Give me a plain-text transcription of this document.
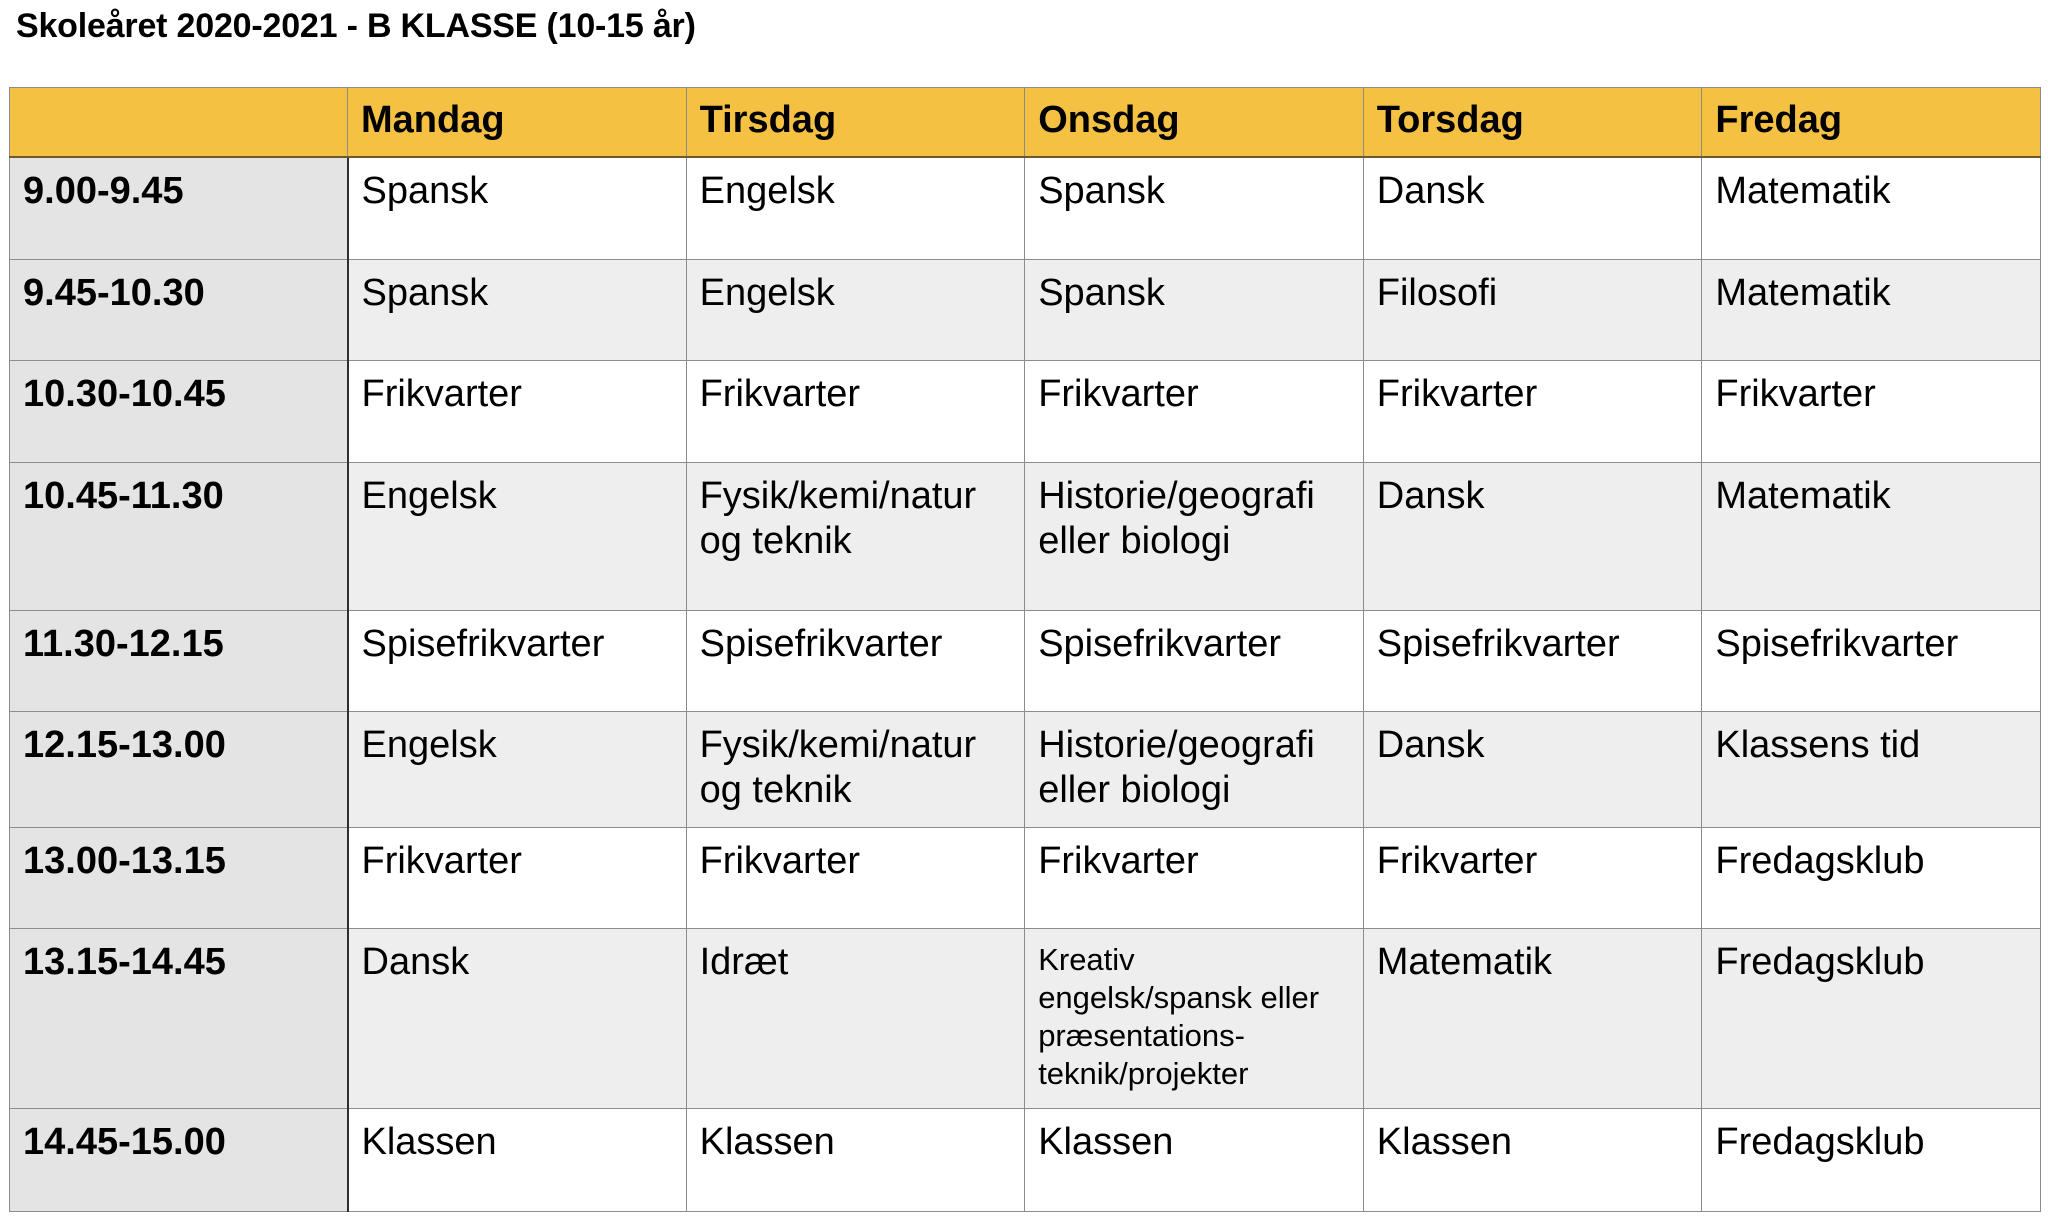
Skoleåret 2020-2021 - B KLASSE (10-15 år)
	Mandag	Tirsdag	Onsdag	Torsdag	Fredag
9.00-9.45	Spansk	Engelsk	Spansk	Dansk	Matematik
9.45-10.30	Spansk	Engelsk	Spansk	Filosofi	Matematik
10.30-10.45	Frikvarter	Frikvarter	Frikvarter	Frikvarter	Frikvarter
10.45-11.30	Engelsk	Fysik/kemi/natur og teknik	Historie/geografi eller biologi	Dansk	Matematik
11.30-12.15	Spisefrikvarter	Spisefrikvarter	Spisefrikvarter	Spisefrikvarter	Spisefrikvarter
12.15-13.00	Engelsk	Fysik/kemi/natur og teknik	Historie/geografi eller biologi	Dansk	Klassens tid
13.00-13.15	Frikvarter	Frikvarter	Frikvarter	Frikvarter	Fredagsklub
13.15-14.45	Dansk	Idræt	Kreativ engelsk/spansk eller præsentations-teknik/projekter	Matematik	Fredagsklub
14.45-15.00	Klassen	Klassen	Klassen	Klassen	Fredagsklub
